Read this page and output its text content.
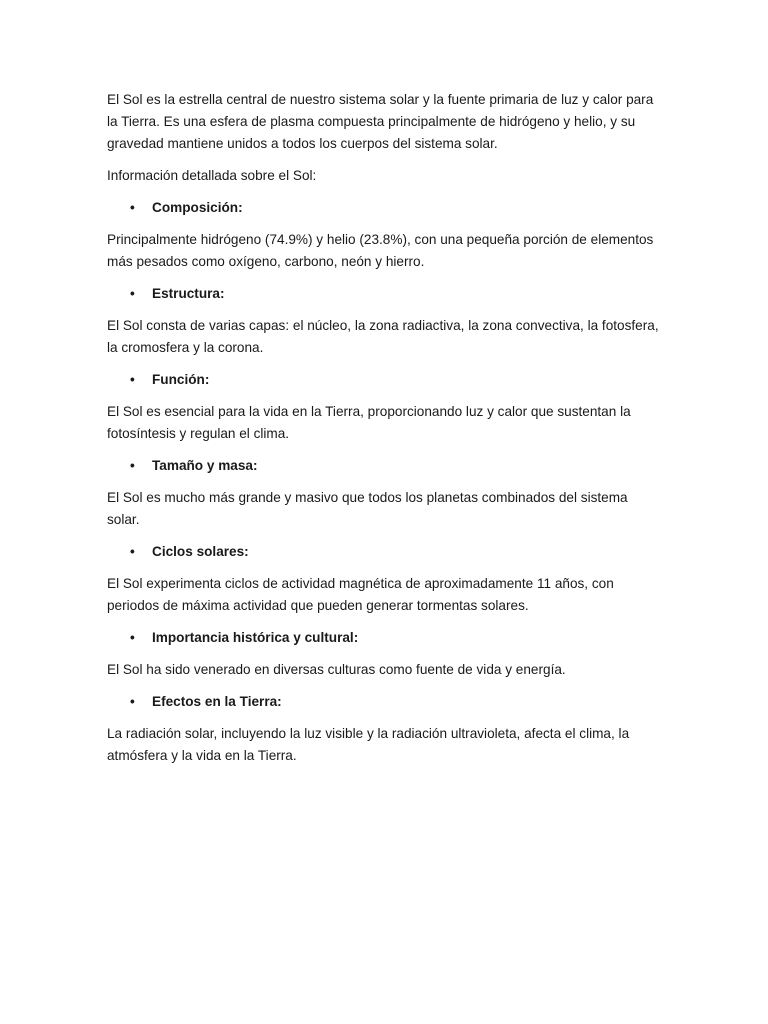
El Sol es la estrella central de nuestro sistema solar y la fuente primaria de luz y calor para la Tierra. Es una esfera de plasma compuesta principalmente de hidrógeno y helio, y su gravedad mantiene unidos a todos los cuerpos del sistema solar.

Información detallada sobre el Sol:

• Composición:

Principalmente hidrógeno (74.9%) y helio (23.8%), con una pequeña porción de elementos más pesados como oxígeno, carbono, neón y hierro.

• Estructura:

El Sol consta de varias capas: el núcleo, la zona radiactiva, la zona convectiva, la fotosfera, la cromosfera y la corona.

• Función:

El Sol es esencial para la vida en la Tierra, proporcionando luz y calor que sustentan la fotosíntesis y regulan el clima.

• Tamaño y masa:

El Sol es mucho más grande y masivo que todos los planetas combinados del sistema solar.

• Ciclos solares:

El Sol experimenta ciclos de actividad magnética de aproximadamente 11 años, con periodos de máxima actividad que pueden generar tormentas solares.

• Importancia histórica y cultural:

El Sol ha sido venerado en diversas culturas como fuente de vida y energía.

• Efectos en la Tierra:

La radiación solar, incluyendo la luz visible y la radiación ultravioleta, afecta el clima, la atmósfera y la vida en la Tierra.
